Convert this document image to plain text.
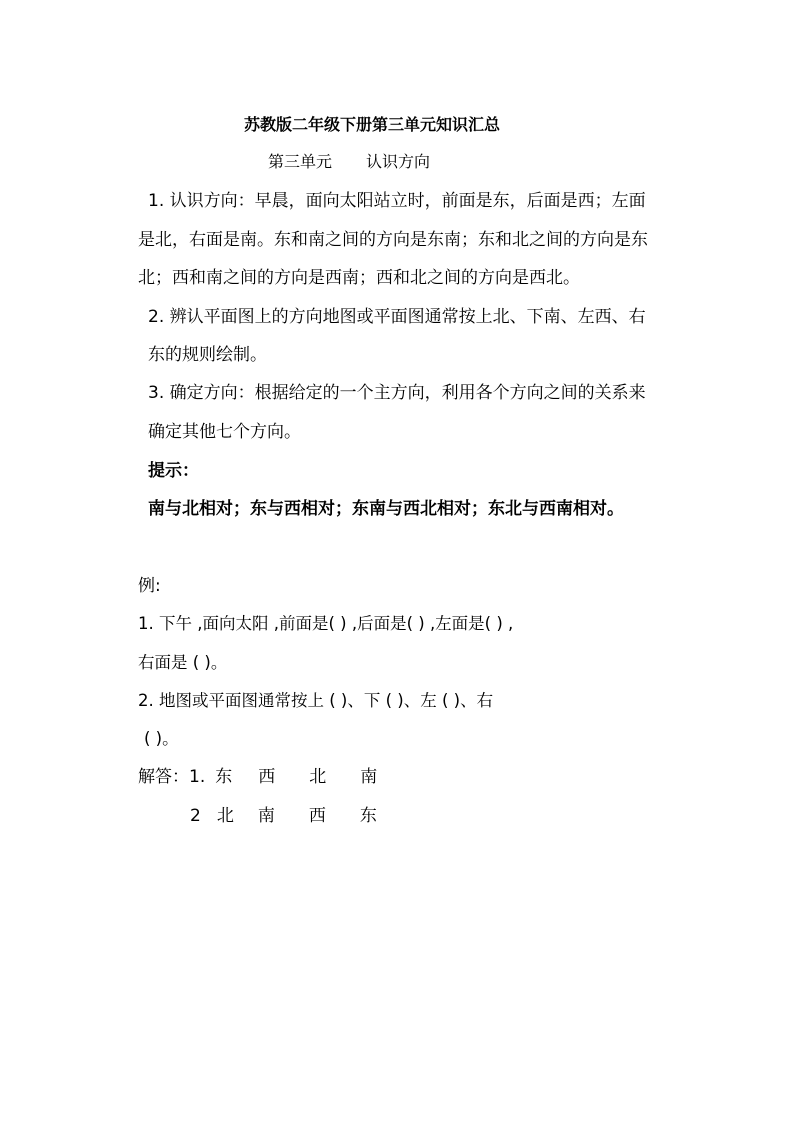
苏教版二年级下册第三单元知识汇总
第三单元 认识方向
1. 认识方向：早晨，面向太阳站立时，前面是东，后面是西；左面
是北，右面是南。东和南之间的方向是东南；东和北之间的方向是东
北；西和南之间的方向是西南；西和北之间的方向是西北。
2. 辨认平面图上的方向地图或平面图通常按上北、下南、左西、右
东的规则绘制。
3. 确定方向：根据给定的一个主方向，利用各个方向之间的关系来
确定其他七个方向。
提示：
南与北相对；东与西相对；东南与西北相对；东北与西南相对。
例:
1. 下午 ,面向太阳 ,前面是( ) ,后面是( ) ,左面是( ) ,
右面是 ( )。
2. 地图或平面图通常按上 ( )、下 ( )、左 ( )、右
( )。
解答：1. 东 西 北 南
2 北 南 西 东
